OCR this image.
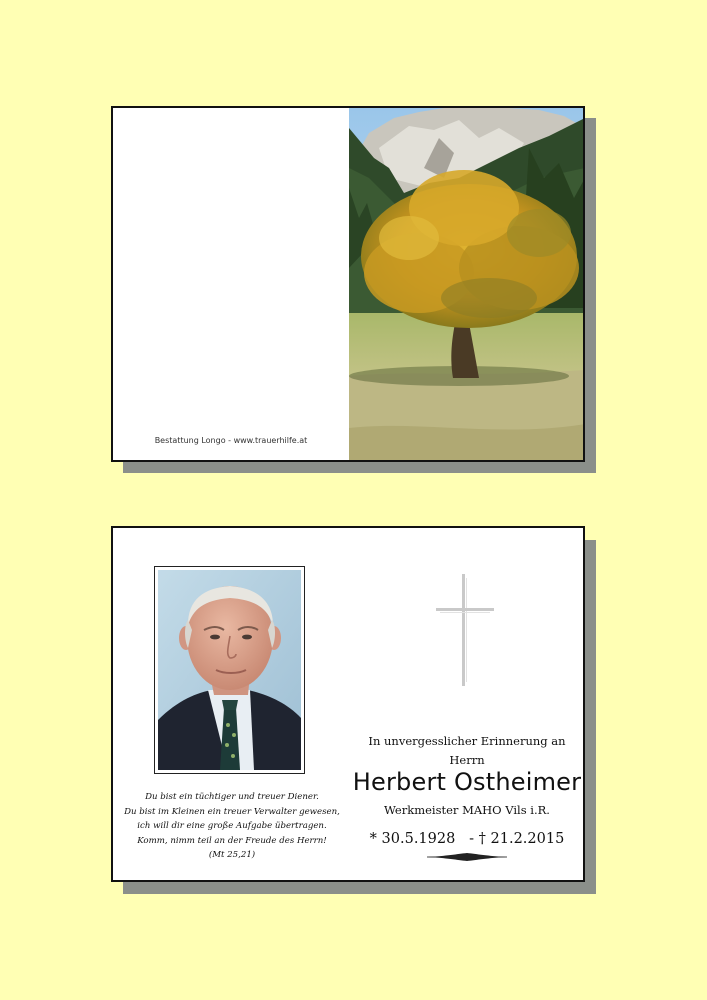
Bestattung Longo - www.trauerhilfe.at
Du bist ein tüchtiger und treuer Diener.
Du bist im Kleinen ein treuer Verwalter gewesen,
ich will dir eine große Aufgabe übertragen.
Komm, nimm teil an der Freude des Herrn!
(Mt 25,21)
In unvergesslicher Erinnerung an
Herrn
Herbert Ostheimer
Werkmeister MAHO Vils i.R.
* 30.5.1928 - † 21.2.2015
